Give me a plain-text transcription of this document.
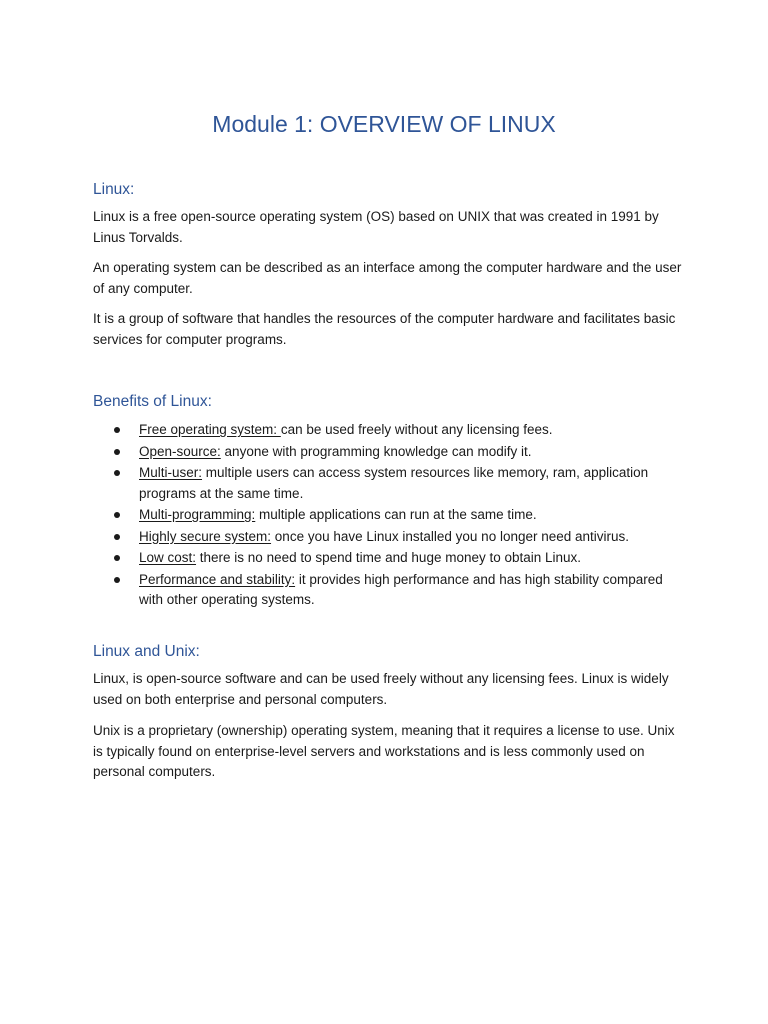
Module 1: OVERVIEW OF LINUX
Linux:
Linux is a free open-source operating system (OS) based on UNIX that was created in 1991 by Linus Torvalds.
An operating system can be described as an interface among the computer hardware and the user of any computer.
It is a group of software that handles the resources of the computer hardware and facilitates basic services for computer programs.
Benefits of Linux:
Free operating system: can be used freely without any licensing fees.
Open-source: anyone with programming knowledge can modify it.
Multi-user: multiple users can access system resources like memory, ram, application programs at the same time.
Multi-programming: multiple applications can run at the same time.
Highly secure system: once you have Linux installed you no longer need antivirus.
Low cost: there is no need to spend time and huge money to obtain Linux.
Performance and stability: it provides high performance and has high stability compared with other operating systems.
Linux and Unix:
Linux, is open-source software and can be used freely without any licensing fees. Linux is widely used on both enterprise and personal computers.
Unix is a proprietary (ownership) operating system, meaning that it requires a license to use. Unix is typically found on enterprise-level servers and workstations and is less commonly used on personal computers.
